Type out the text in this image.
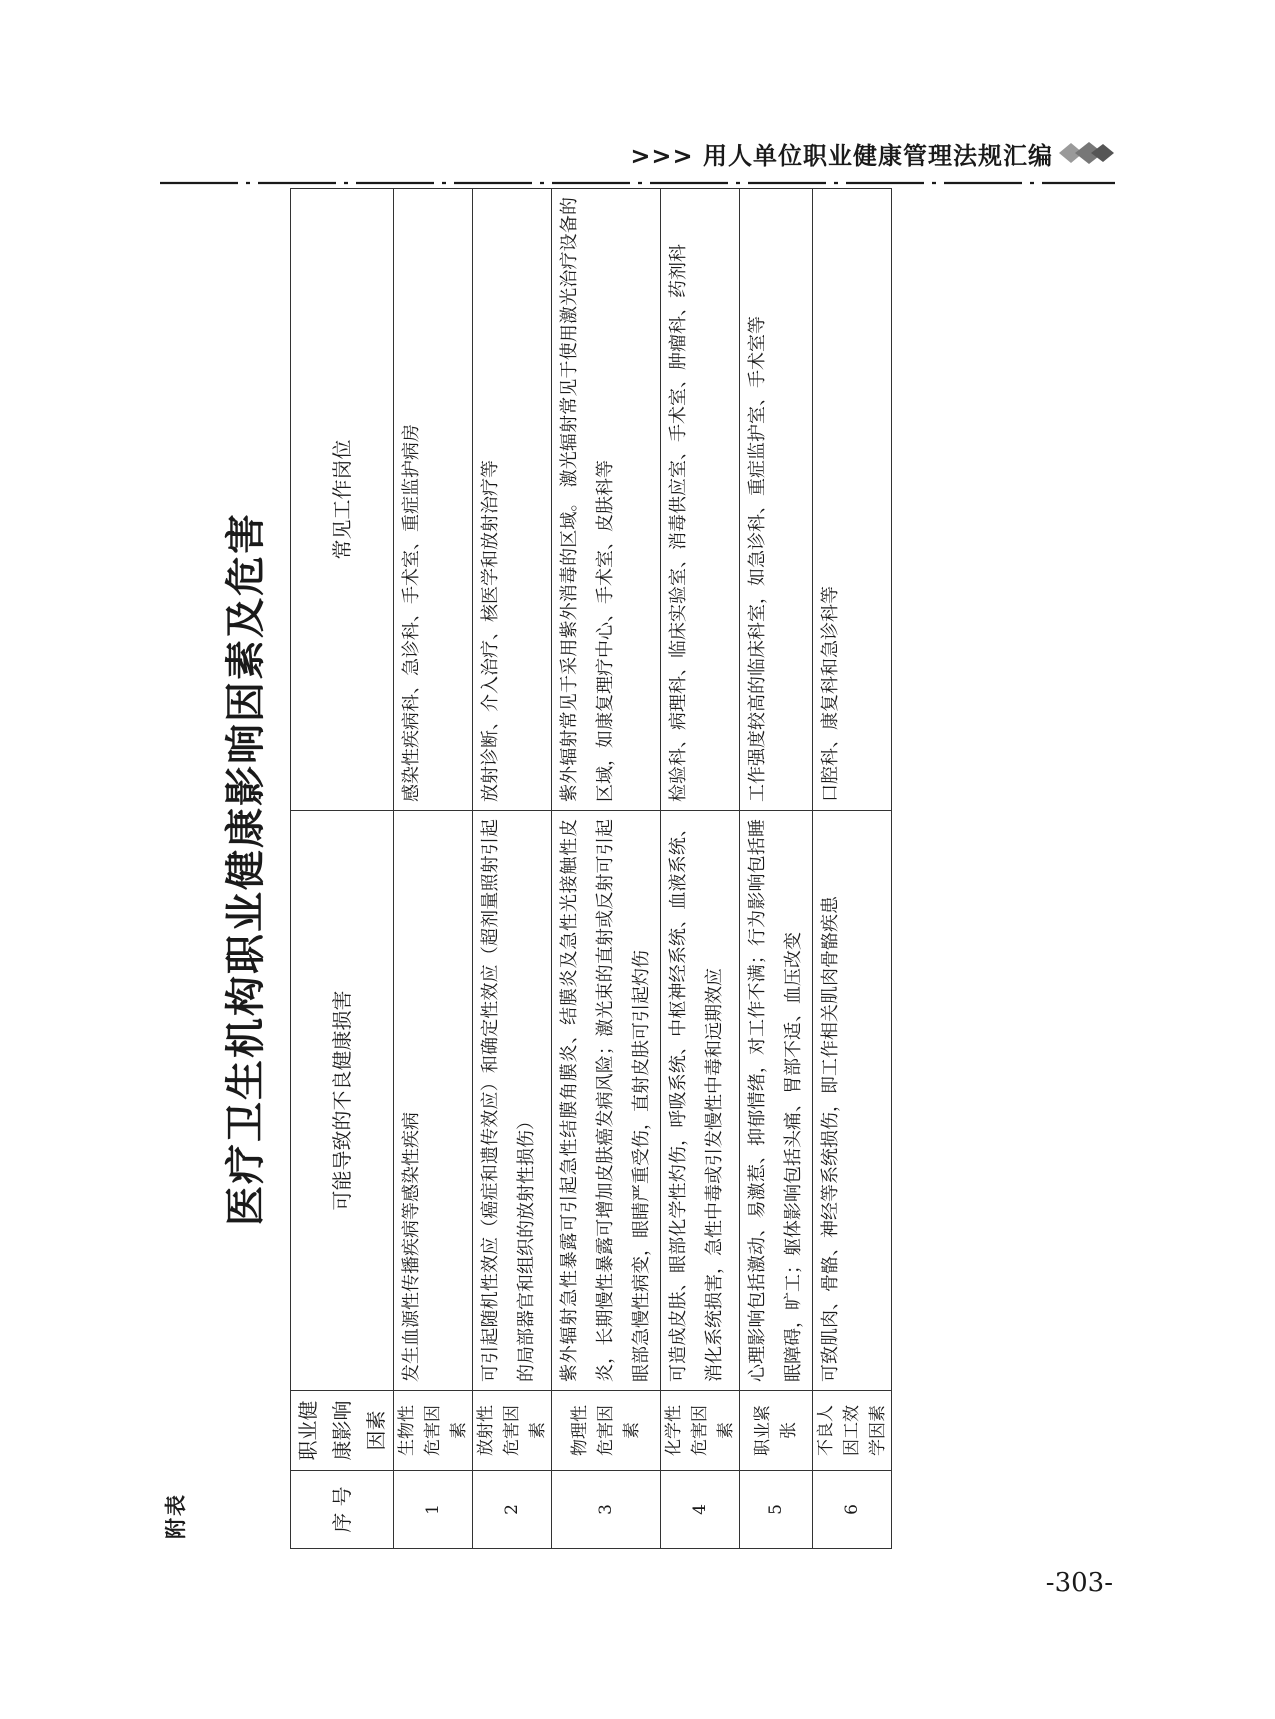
>>> 用人单位职业健康管理法规汇编
附表
医疗卫生机构职业健康影响因素及危害
序 号	职业健康影响因素	可能导致的不良健康损害	常见工作岗位
1	生物性危害因素	发生血源性传播疾病等感染性疾病	感染性疾病科、急诊科、手术室、重症监护病房
2	放射性危害因素	可引起随机性效应（癌症和遗传效应）和确定性效应（超剂量照射引起的局部器官和组织的放射性损伤）	放射诊断、介入治疗、核医学和放射治疗等
3	物理性危害因素	紫外辐射急性暴露可引起急性结膜角膜炎、结膜炎及急性光接触性皮炎，长期慢性暴露可增加皮肤癌发病风险；激光束的直射或反射可引起眼部急慢性病变，眼睛严重受伤，直射皮肤可引起灼伤	紫外辐射常见于采用紫外消毒的区域。 激光辐射常见于使用激光治疗设备的区域，如康复理疗中心、手术室、皮肤科等
4	化学性危害因素	可造成皮肤、眼部化学性灼伤，呼吸系统、中枢神经系统、血液系统、消化系统损害，急性中毒或引发慢性中毒和远期效应	检验科、病理科、临床实验室、消毒供应室、手术室、肿瘤科、药剂科
5	职业紧张	心理影响包括激动、易激惹、抑郁情绪，对工作不满；行为影响包括睡眠障碍，旷工；躯体影响包括头痛、胃部不适、血压改变	工作强度较高的临床科室，如急诊科、重症监护室、手术室等
6	不良人因工效学因素	可致肌肉、骨骼、神经等系统损伤，即工作相关肌肉骨骼疾患	口腔科、康复科和急诊科等
-303-
